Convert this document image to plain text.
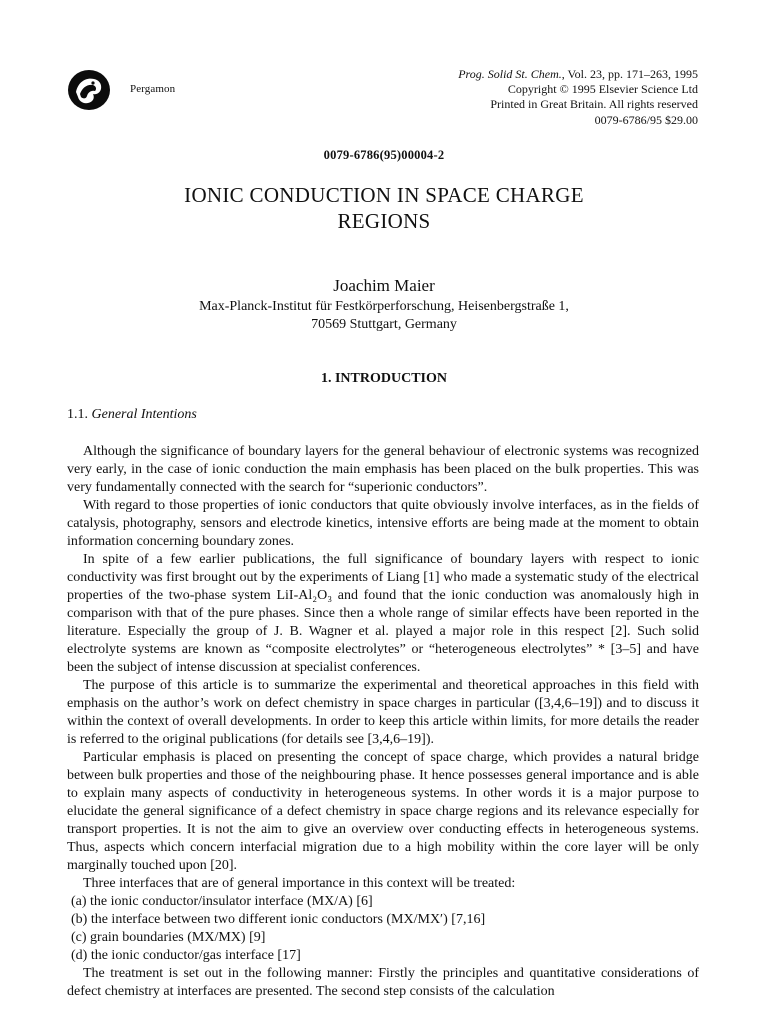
Pergamon
Prog. Solid St. Chem., Vol. 23, pp. 171–263, 1995
Copyright © 1995 Elsevier Science Ltd
Printed in Great Britain. All rights reserved
0079-6786/95 $29.00
0079-6786(95)00004-2
IONIC CONDUCTION IN SPACE CHARGE
REGIONS
Joachim Maier
Max-Planck-Institut für Festkörperforschung, Heisenbergstraße 1,
70569 Stuttgart, Germany
1. INTRODUCTION
1.1. General Intentions

Although the significance of boundary layers for the general behaviour of electronic systems was recognized very early, in the case of ionic conduction the main emphasis has been placed on the bulk properties. This was very fundamentally connected with the search for “superionic conductors”.

With regard to those properties of ionic conductors that quite obviously involve interfaces, as in the fields of catalysis, photography, sensors and electrode kinetics, intensive efforts are being made at the moment to obtain information concerning boundary zones.

In spite of a few earlier publications, the full significance of boundary layers with respect to ionic conductivity was first brought out by the experiments of Liang [1] who made a systematic study of the electrical properties of the two-phase system LiI-Al₂O₃ and found that the ionic conduction was anomalously high in comparison with that of the pure phases. Since then a whole range of similar effects have been reported in the literature. Especially the group of J. B. Wagner et al. played a major role in this respect [2]. Such solid electrolyte systems are known as “composite electrolytes” or “heterogeneous electrolytes” * [3–5] and have been the subject of intense discussion at specialist conferences.

The purpose of this article is to summarize the experimental and theoretical approaches in this field with emphasis on the author’s work on defect chemistry in space charges in particular ([3,4,6–19]) and to discuss it within the context of overall developments. In order to keep this article within limits, for more details the reader is referred to the original publications (for details see [3,4,6–19]).

Particular emphasis is placed on presenting the concept of space charge, which provides a natural bridge between bulk properties and those of the neighbouring phase. It hence possesses general importance and is able to explain many aspects of conductivity in heterogeneous systems. In other words it is a major purpose to elucidate the general significance of a defect chemistry in space charge regions and its relevance especially for transport properties. It is not the aim to give an overview over conducting effects in heterogeneous systems. Thus, aspects which concern interfacial migration due to a high mobility within the core layer will be only marginally touched upon [20].

Three interfaces that are of general importance in this context will be treated:

(a) the ionic conductor/insulator interface (MX/A) [6]
(b) the interface between two different ionic conductors (MX/MX′) [7,16]
(c) grain boundaries (MX/MX) [9]
(d) the ionic conductor/gas interface [17]

The treatment is set out in the following manner: Firstly the principles and quantitative considerations of defect chemistry at interfaces are presented. The second step consists of the calculation
